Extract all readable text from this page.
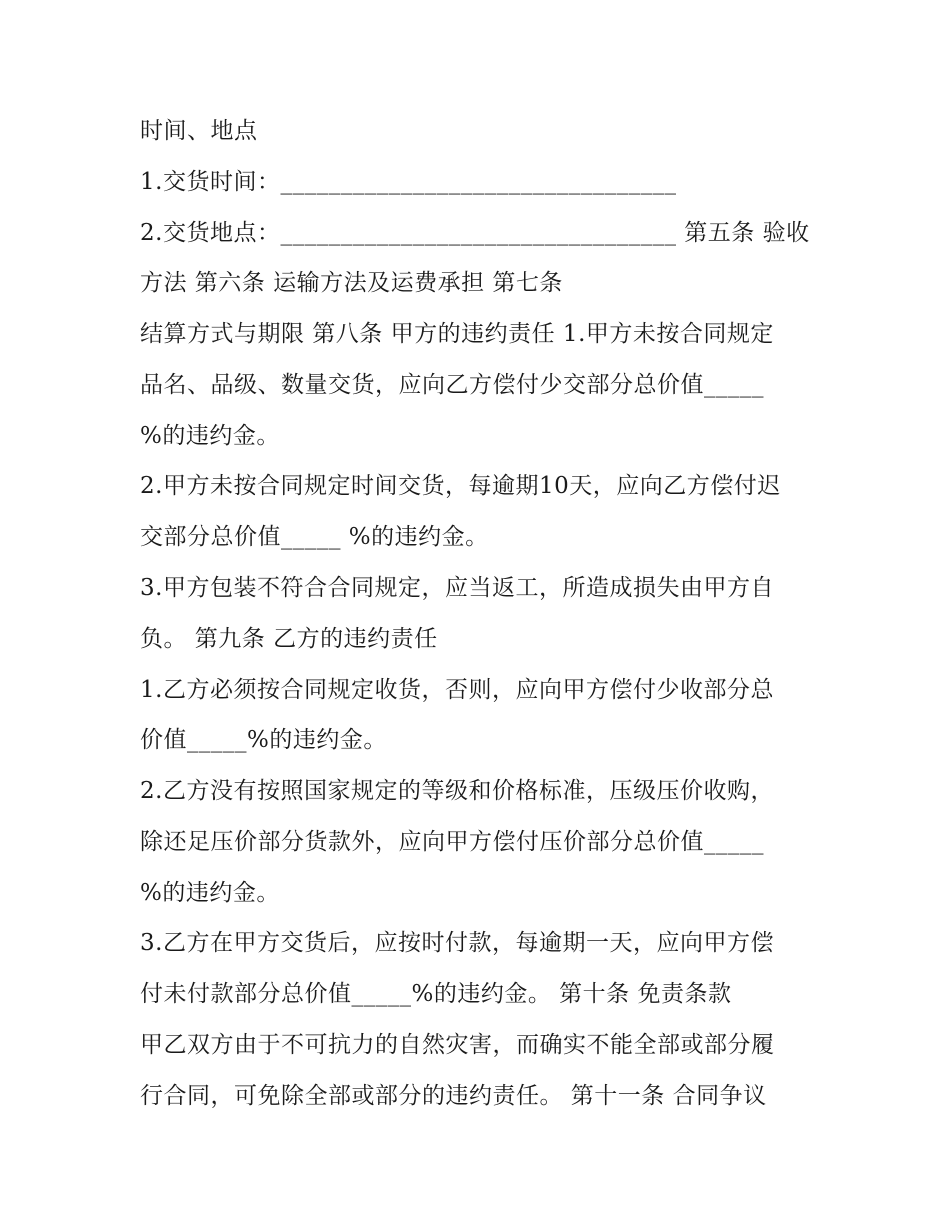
时间、地点
1.交货时间：_________________________________
2.交货地点：_________________________________ 第五条 验收
方法 第六条 运输方法及运费承担 第七条
结算方式与期限 第八条 甲方的违约责任 1.甲方未按合同规定
品名、品级、数量交货，应向乙方偿付少交部分总价值_____
%的违约金。
2.甲方未按合同规定时间交货，每逾期10天，应向乙方偿付迟
交部分总价值_____ %的违约金。
3.甲方包装不符合合同规定，应当返工，所造成损失由甲方自
负。 第九条 乙方的违约责任
1.乙方必须按合同规定收货，否则，应向甲方偿付少收部分总
价值_____%的违约金。
2.乙方没有按照国家规定的等级和价格标准，压级压价收购，
除还足压价部分货款外，应向甲方偿付压价部分总价值_____
%的违约金。
3.乙方在甲方交货后，应按时付款，每逾期一天，应向甲方偿
付未付款部分总价值_____%的违约金。 第十条 免责条款
甲乙双方由于不可抗力的自然灾害，而确实不能全部或部分履
行合同，可免除全部或部分的违约责任。 第十一条 合同争议
